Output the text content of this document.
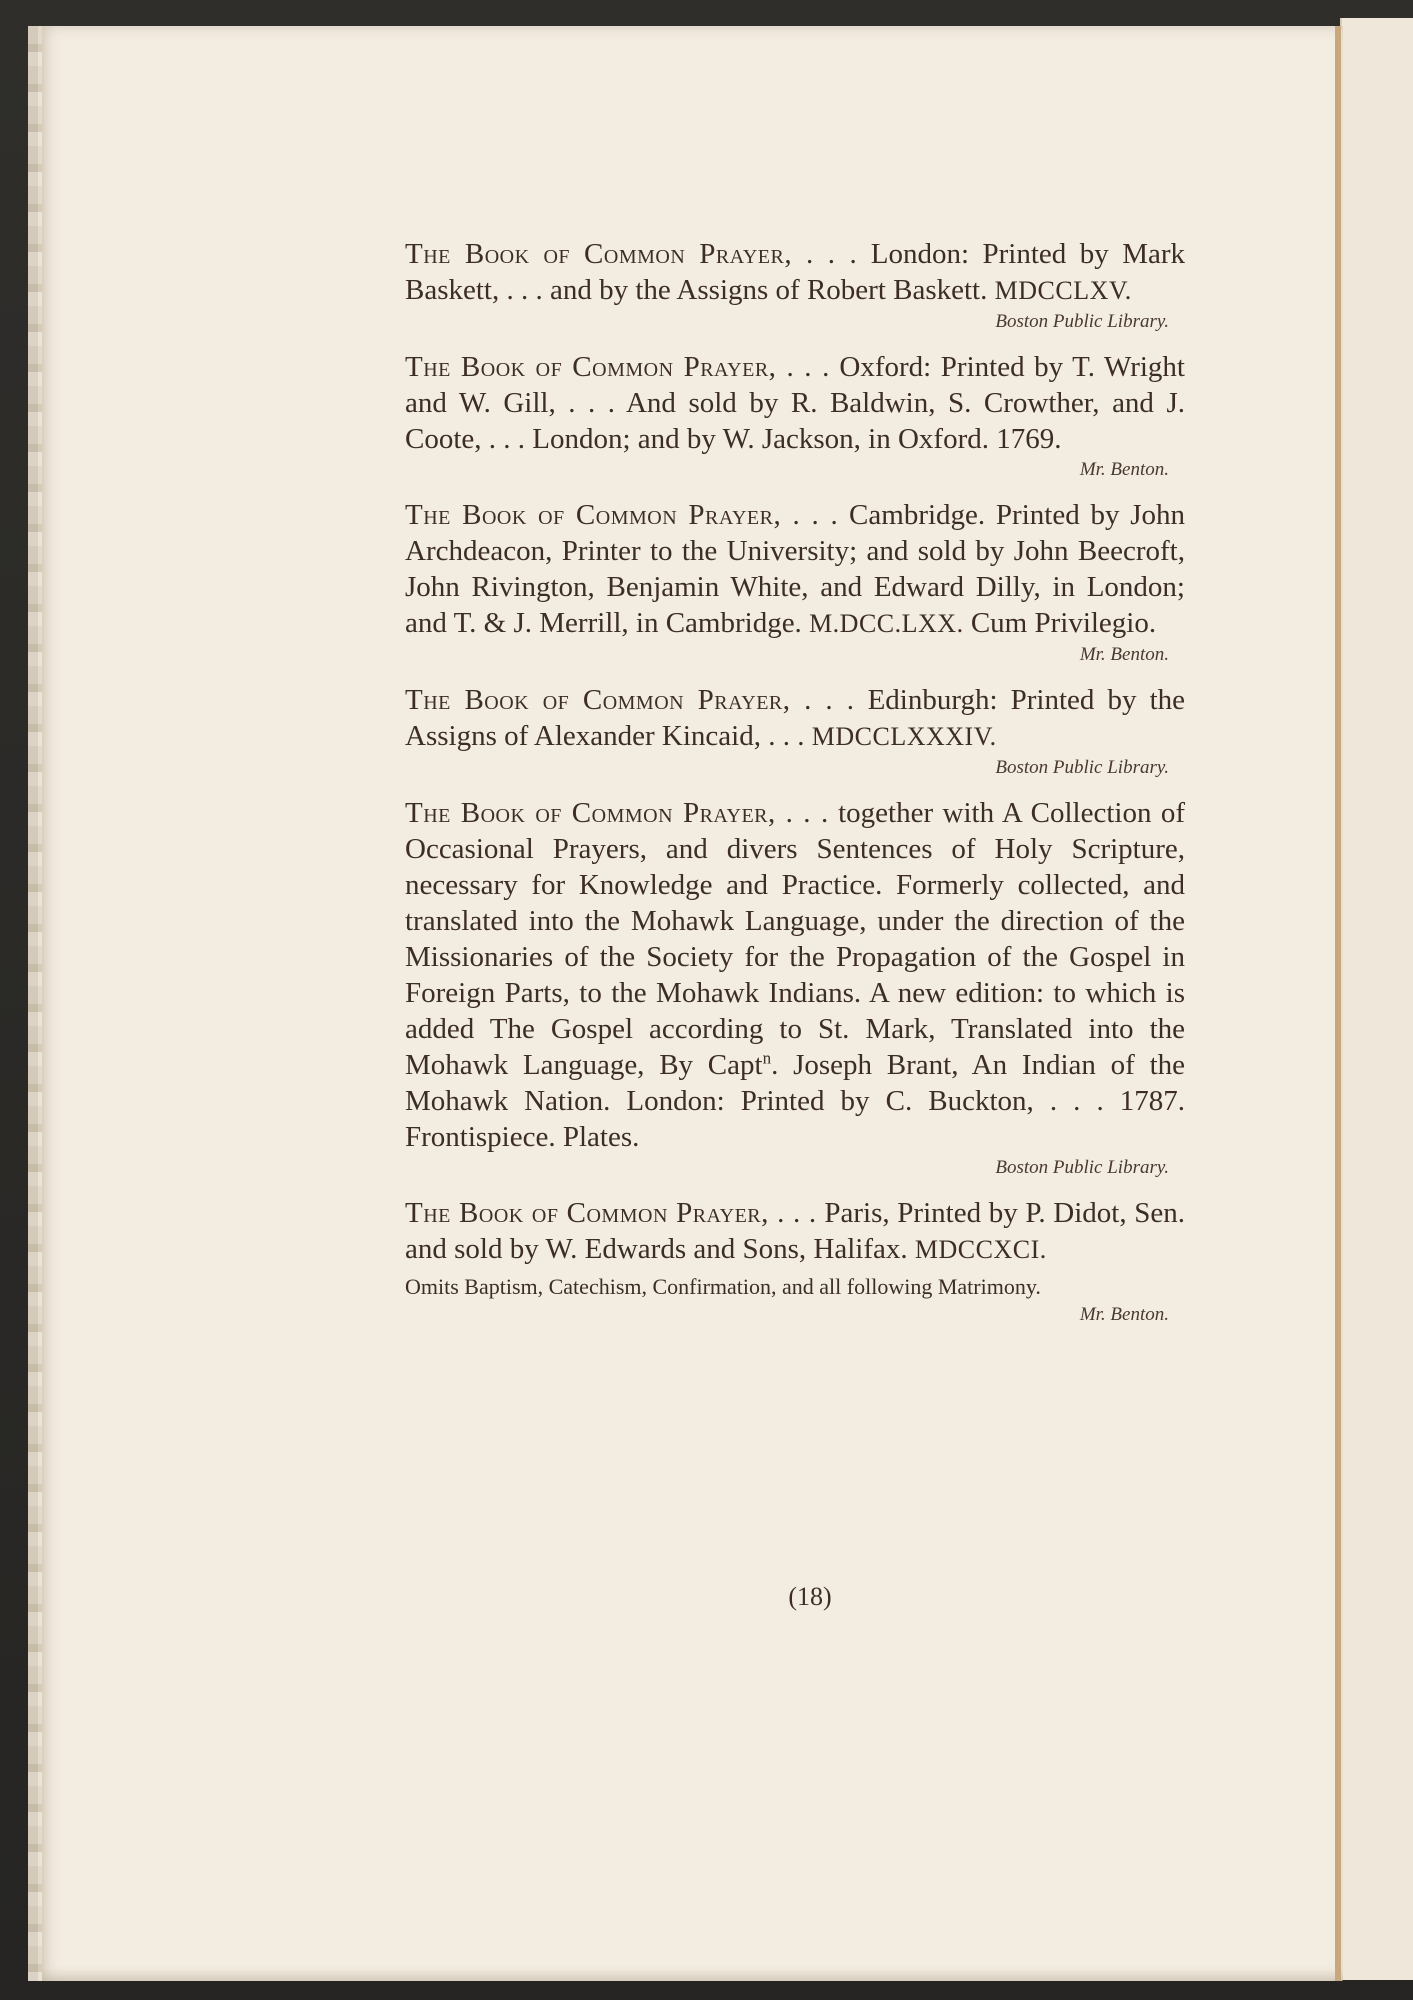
The Book of Common Prayer, . . . London: Printed by Mark Baskett, . . . and by the Assigns of Robert Baskett. MDCCLXV.
Boston Public Library.
The Book of Common Prayer, . . . Oxford: Printed by T. Wright and W. Gill, . . . And sold by R. Baldwin, S. Crowther, and J. Coote, . . . London; and by W. Jackson, in Oxford. 1769.
Mr. Benton.
The Book of Common Prayer, . . . Cambridge. Printed by John Archdeacon, Printer to the University; and sold by John Beecroft, John Rivington, Benjamin White, and Edward Dilly, in London; and T. & J. Merrill, in Cambridge. M.DCC.LXX. Cum Privilegio.
Mr. Benton.
The Book of Common Prayer, . . . Edinburgh: Printed by the Assigns of Alexander Kincaid, . . . MDCCLXXXIV.
Boston Public Library.
The Book of Common Prayer, . . . together with A Collection of Occasional Prayers, and divers Sentences of Holy Scripture, necessary for Knowledge and Practice. Formerly collected, and translated into the Mohawk Language, under the direction of the Missionaries of the Society for the Propagation of the Gospel in Foreign Parts, to the Mohawk Indians. A new edition: to which is added The Gospel according to St. Mark, Translated into the Mohawk Language, By Capt$^n$. Joseph Brant, An Indian of the Mohawk Nation. London: Printed by C. Buckton, . . . 1787. Frontispiece. Plates.
Boston Public Library.
The Book of Common Prayer, . . . Paris, Printed by P. Didot, Sen. and sold by W. Edwards and Sons, Halifax. MDCCXCI.
Omits Baptism, Catechism, Confirmation, and all following Matrimony.
Mr. Benton.
(18)
